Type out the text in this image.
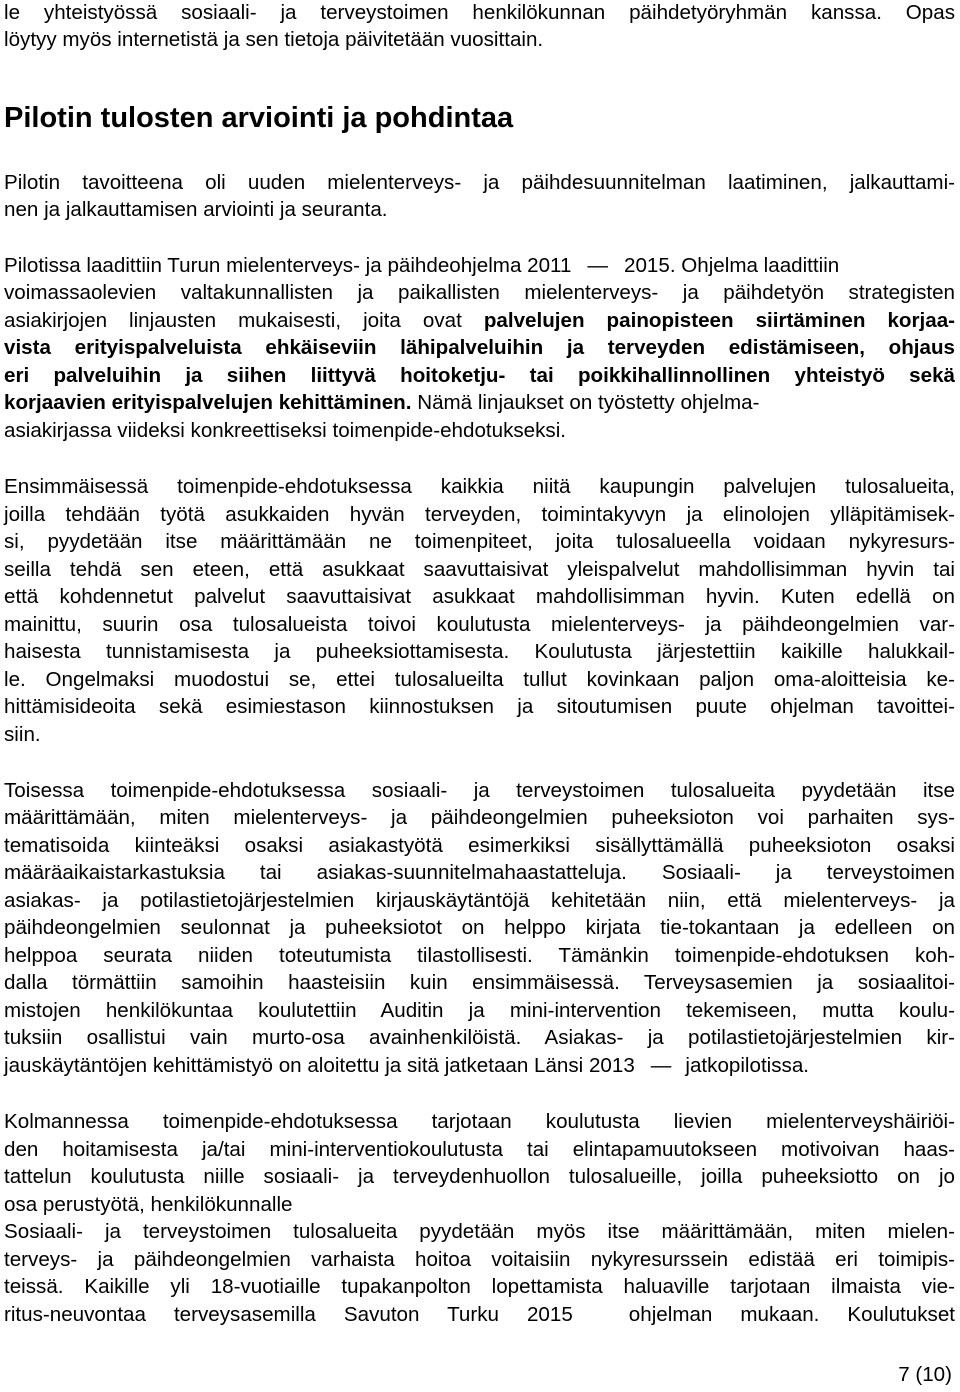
le yhteistyössä sosiaali- ja terveystoimen henkilökunnan päihdetyöryhmän kanssa. Opas
löytyy myös internetistä ja sen tietoja päivitetään vuosittain.
Pilotin tulosten arviointi ja pohdintaa
Pilotin tavoitteena oli uuden mielenterveys- ja päihdesuunnitelman laatiminen, jalkauttami-
nen ja jalkauttamisen arviointi ja seuranta.
Pilotissa laadittiin Turun mielenterveys- ja päihdeohjelma 2011 — 2015. Ohjelma laadittiin
voimassaolevien valtakunnallisten ja paikallisten mielenterveys- ja päihdetyön strategisten
asiakirjojen linjausten mukaisesti, joita ovat palvelujen painopisteen siirtäminen korjaa-
vista erityispalveluista ehkäiseviin lähipalveluihin ja terveyden edistämiseen, ohjaus
eri palveluihin ja siihen liittyvä hoitoketju- tai poikkihallinnollinen yhteistyö sekä
korjaavien erityispalvelujen kehittäminen. Nämä linjaukset on työstetty ohjelma-
asiakirjassa viideksi konkreettiseksi toimenpide-ehdotukseksi.
Ensimmäisessä toimenpide-ehdotuksessa kaikkia niitä kaupungin palvelujen tulosalueita,
joilla tehdään työtä asukkaiden hyvän terveyden, toimintakyvyn ja elinolojen ylläpitämisek-
si, pyydetään itse määrittämään ne toimenpiteet, joita tulosalueella voidaan nykyresurs-
seilla tehdä sen eteen, että asukkaat saavuttaisivat yleispalvelut mahdollisimman hyvin tai
että kohdennetut palvelut saavuttaisivat asukkaat mahdollisimman hyvin. Kuten edellä on
mainittu, suurin osa tulosalueista toivoi koulutusta mielenterveys- ja päihdeongelmien var-
haisesta tunnistamisesta ja puheeksiottamisesta. Koulutusta järjestettiin kaikille halukkail-
le. Ongelmaksi muodostui se, ettei tulosalueilta tullut kovinkaan paljon oma-aloitteisia ke-
hittämisideoita sekä esimiestason kiinnostuksen ja sitoutumisen puute ohjelman tavoittei-
siin.
Toisessa toimenpide-ehdotuksessa sosiaali- ja terveystoimen tulosalueita pyydetään itse
määrittämään, miten mielenterveys- ja päihdeongelmien puheeksioton voi parhaiten sys-
tematisoida kiinteäksi osaksi asiakastyötä esimerkiksi sisällyttämällä puheeksioton osaksi
määräaikaistarkastuksia tai asiakas-suunnitelmahaastatteluja. Sosiaali- ja terveystoimen
asiakas- ja potilastietojärjestelmien kirjauskäytäntöjä kehitetään niin, että mielenterveys- ja
päihdeongelmien seulonnat ja puheeksiotot on helppo kirjata tie-tokantaan ja edelleen on
helppoa seurata niiden toteutumista tilastollisesti. Tämänkin toimenpide-ehdotuksen koh-
dalla törmättiin samoihin haasteisiin kuin ensimmäisessä. Terveysasemien ja sosiaalitoi-
mistojen henkilökuntaa koulutettiin Auditin ja mini-intervention tekemiseen, mutta koulu-
tuksiin osallistui vain murto-osa avainhenkilöistä. Asiakas- ja potilastietojärjestelmien kir-
jauskäytäntöjen kehittämistyö on aloitettu ja sitä jatketaan Länsi 2013 — jatkopilotissa.
Kolmannessa toimenpide-ehdotuksessa tarjotaan koulutusta lievien mielenterveyshäiriöi-
den hoitamisesta ja/tai mini-interventiokoulutusta tai elintapamuutokseen motivoivan haas-
tattelun koulutusta niille sosiaali- ja terveydenhuollon tulosalueille, joilla puheeksiotto on jo
osa perustyötä, henkilökunnalle
Sosiaali- ja terveystoimen tulosalueita pyydetään myös itse määrittämään, miten mielen-
terveys- ja päihdeongelmien varhaista hoitoa voitaisiin nykyresurssein edistää eri toimipis-
teissä. Kaikille yli 18-vuotiaille tupakanpolton lopettamista haluaville tarjotaan ilmaista vie-
ritus-neuvontaa terveysasemilla Savuton Turku 2015  ohjelman mukaan. Koulutukset
7 (10)
